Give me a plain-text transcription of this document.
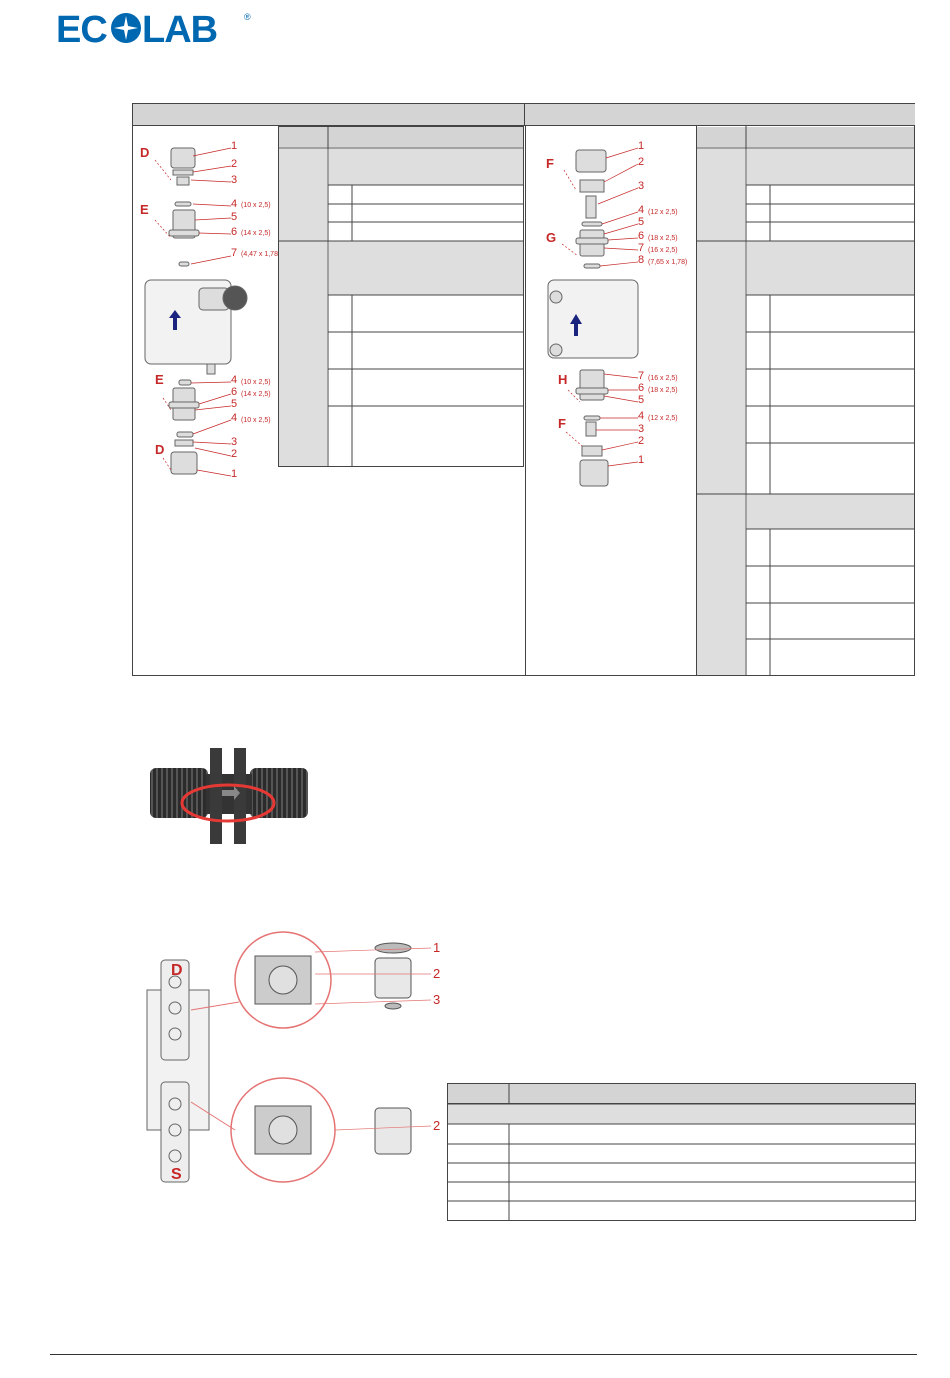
EC LAB	®
D
E
E
D
1
2
3
4 (10 x 2,5)
5
6 (14 x 2,5)
7 (4,47 x 1,78
4 (10 x 2,5)
6 (14 x 2,5)
5
4 (10 x 2,5)
3
2
1
F
G
H
F
1
2
3
4 (12 x 2,5)
5
6 (18 x 2,5)
7 (16 x 2,5)
8 (7,65 x 1,78)
7 (16 x 2,5)
6 (18 x 2,5)
5
4 (12 x 2,5)
3
2
1
D
S
1
2
3
2
